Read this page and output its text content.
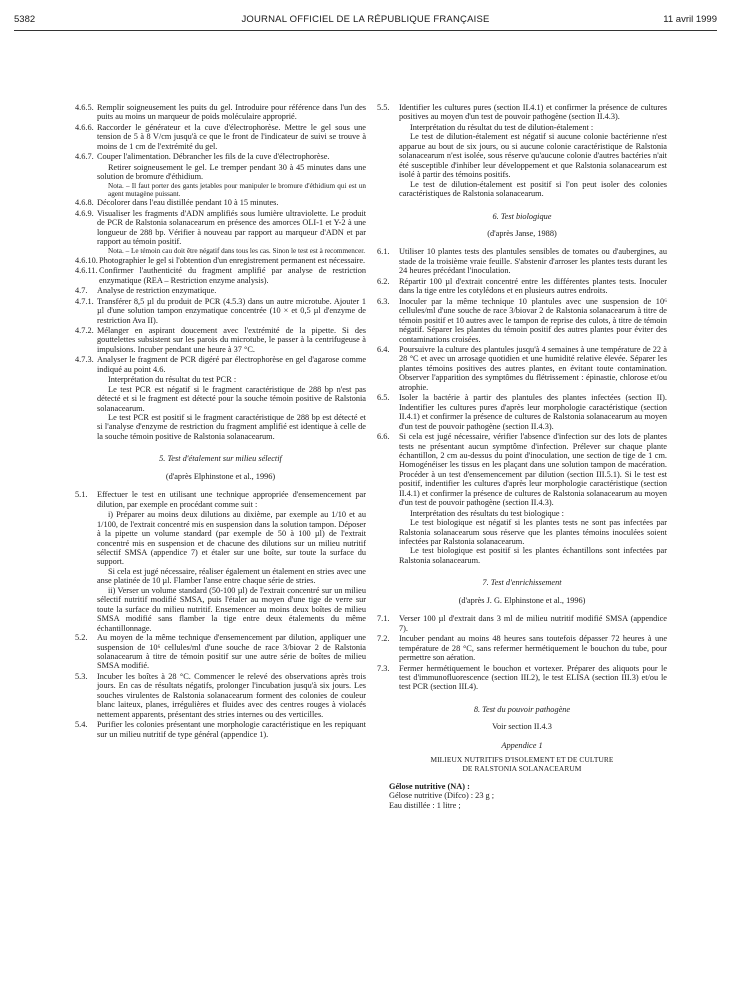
5382	JOURNAL OFFICIEL DE LA RÉPUBLIQUE FRANÇAISE	11 avril 1999
4.6.5. Remplir soigneusement les puits du gel. Introduire pour référence dans l'un des puits au moins un marqueur de poids moléculaire approprié.
4.6.6. Raccorder le générateur et la cuve d'électrophorèse. Mettre le gel sous une tension de 5 à 8 V/cm jusqu'à ce que le front de l'indicateur de suivi se trouve à moins de 1 cm de l'extrémité du gel.
4.6.7. Couper l'alimentation. Débrancher les fils de la cuve d'électrophorèse.

Retirer soigneusement le gel. Le tremper pendant 30 à 45 minutes dans une solution de bromure d'éthidium.

Nota. – Il faut porter des gants jetables pour manipuler le bromure d'éthidium qui est un agent mutagène puissant.

4.6.8. Décolorer dans l'eau distillée pendant 10 à 15 minutes.
4.6.9. Visualiser les fragments d'ADN amplifiés sous lumière ultraviolette. Le produit de PCR de Ralstonia solanacearum en présence des amorces OLI-1 et Y-2 à une longueur de 288 bp. Vérifier à nouveau par rapport au marqueur d'ADN et par rapport au témoin positif.

Nota. – Le témoin cau doit être négatif dans tous les cas. Sinon le test est à recommencer.

4.6.10. Photographier le gel si l'obtention d'un enregistrement permanent est nécessaire.
4.6.11. Confirmer l'authenticité du fragment amplifié par analyse de restriction enzymatique (REA – Restriction enzyme analysis).
4.7. Analyse de restriction enzymatique.
4.7.1. Transférer 8,5 µl du produit de PCR (4.5.3) dans un autre microtube. Ajouter 1 µl d'une solution tampon enzymatique concentrée (10 × et 0,5 µl d'enzyme de restriction Ava II).
4.7.2. Mélanger en aspirant doucement avec l'extrémité de la pipette. Si des gouttelettes subsistent sur les parois du microtube, le passer à la centrifugeuse à impulsions. Incuber pendant une heure à 37 °C.
4.7.3. Analyser le fragment de PCR digéré par électrophorèse en gel d'agarose comme indiqué au point 4.6.

Interprétation du résultat du test PCR :

Le test PCR est négatif si le fragment caractéristique de 288 bp n'est pas détecté et si le fragment est détecté pour la souche témoin positive de Ralstonia solanacearum.

Le test PCR est positif si le fragment caractéristique de 288 bp est détecté et si l'analyse d'enzyme de restriction du fragment amplifié est identique à celle de la souche témoin positive de Ralstonia solanacearum.

5. Test d'étalement sur milieu sélectif
(d'après Elphinstone et al., 1996)
5.1. Effectuer le test en utilisant une technique appropriée d'ensemencement par dilution, par exemple en procédant comme suit :

i) Préparer au moins deux dilutions au dixième, par exemple au 1/10 et au 1/100, de l'extrait concentré mis en suspension dans la solution tampon. Déposer à la pipette un volume standard (par exemple de 50 à 100 µl) de l'extrait concentré mis en suspension et de chacune des dilutions sur un milieu nutritif sélectif SMSA (appendice 7) et étaler sur une boîte, sur toute la surface du support.

Si cela est jugé nécessaire, réaliser également un étalement en stries avec une anse platinée de 10 µl. Flamber l'anse entre chaque série de stries.

ii) Verser un volume standard (50-100 µl) de l'extrait concentré sur un milieu sélectif nutritif modifié SMSA, puis l'étaler au moyen d'une tige de verre sur toute la surface du milieu nutritif. Ensemencer au moins deux boîtes de milieu SMSA modifié sans flamber la tige entre deux étalements du même échantillonnage.

5.2. Au moyen de la même technique d'ensemencement par dilution, appliquer une suspension de 10⁶ cellules/ml d'une souche de race 3/biovar 2 de Ralstonia solanacearum à titre de témoin positif sur une autre série de boîtes de milieu SMSA modifié.
5.3. Incuber les boîtes à 28 °C. Commencer le relevé des observations après trois jours. En cas de résultats négatifs, prolonger l'incubation jusqu'à six jours. Les souches virulentes de Ralstonia solanacearum forment des colonies de couleur blanc laiteux, planes, irrégulières et fluides avec des centres rouges à violacés nettement apparents, présentant des stries internes ou des verticilles.
5.4. Purifier les colonies présentant une morphologie caractéristique en les repiquant sur un milieu nutritif de type général (appendice 1).
5.5. Identifier les cultures pures (section II.4.1) et confirmer la présence de cultures positives au moyen d'un test de pouvoir pathogène (section II.4.3).

Interprétation du résultat du test de dilution-étalement :

Le test de dilution-étalement est négatif si aucune colonie bactérienne n'est apparue au bout de six jours, ou si aucune colonie caractéristique de Ralstonia solanacearum n'est isolée, sous réserve qu'aucune colonie d'autres bactéries n'ait été susceptible d'inhiber leur développement et que Ralstonia solanacearum est isolé à partir des témoins positifs.

Le test de dilution-étalement est positif si l'on peut isoler des colonies caractéristiques de Ralstonia solanacearum.

6. Test biologique
(d'après Janse, 1988)
6.1. Utiliser 10 plantes tests des plantules sensibles de tomates ou d'aubergines, au stade de la troisième vraie feuille. S'abstenir d'arroser les plantes tests durant les 24 heures précédant l'inoculation.
6.2. Répartir 100 µl d'extrait concentré entre les différentes plantes tests. Inoculer dans la tige entre les cotylédons et en plusieurs autres endroits.
6.3. Inoculer par la même technique 10 plantules avec une suspension de 10⁶ cellules/ml d'une souche de race 3/biovar 2 de Ralstonia solanacearum à titre de témoin positif et 10 autres avec le tampon de reprise des culots, à titre de témoin négatif. Séparer les plantes du témoin positif des autres plantes pour éviter des contaminations croisées.
6.4. Poursuivre la culture des plantules jusqu'à 4 semaines à une température de 22 à 28 °C et avec un arrosage quotidien et une humidité relative élevée. Séparer les plantes témoins positives des autres plantes, en évitant toute contamination. Observer l'apparition des symptômes du flétrissement : épinastie, chlorose et/ou atrophie.
6.5. Isoler la bactérie à partir des plantules des plantes infectées (section II). Indentifier les cultures pures d'après leur morphologie caractéristique (section II.4.1) et confirmer la présence de cultures de Ralstonia solanacearum au moyen d'un test de pouvoir pathogène (section II.4.3).
6.6. Si cela est jugé nécessaire, vérifier l'absence d'infection sur des lots de plantes tests ne présentant aucun symptôme d'infection. Prélever sur chaque plante échantillon, 2 cm au-dessus du point d'inoculation, une section de tige de 1 cm. Homogénéiser les tissus en les plaçant dans une solution tampon de macération. Procéder à un test d'ensemencement par dilution (section III.5.1). Si le test est positif, indentifier les cultures d'après leur morphologie caractéristique (section II.4.1) et confirmer la présence de cultures de Ralstonia solanacearum au moyen d'un test de pouvoir pathogène (section II.4.3).

Interprétation des résultats du test biologique :

Le test biologique est négatif si les plantes tests ne sont pas infectées par Ralstonia solanacearum sous réserve que les plantes témoins inoculées soient infectées par Ralstonia solanacearum.

Le test biologique est positif si les plantes échantillons sont infectées par Ralstonia solanacearum.

7. Test d'enrichissement
(d'après J. G. Elphinstone et al., 1996)
7.1. Verser 100 µl d'extrait dans 3 ml de milieu nutritif modifié SMSA (appendice 7).
7.2. Incuber pendant au moins 48 heures sans toutefois dépasser 72 heures à une température de 28 °C, sans refermer hermétiquement le bouchon du tube, pour permettre son aération.
7.3. Fermer hermétiquement le bouchon et vortexer. Préparer des aliquots pour le test d'immunofluorescence (section III.2), le test ELISA (section III.3) et/ou le test PCR (section III.4).
8. Test du pouvoir pathogène
Voir section II.4.3
Appendice 1
MILIEUX NUTRITIFS D'ISOLEMENT ET DE CULTURE
DE RALSTONIA SOLANACEARUM

Gélose nutritive (NA) :

Gélose nutritive (Difco) : 23 g ;

Eau distillée : 1 litre ;
